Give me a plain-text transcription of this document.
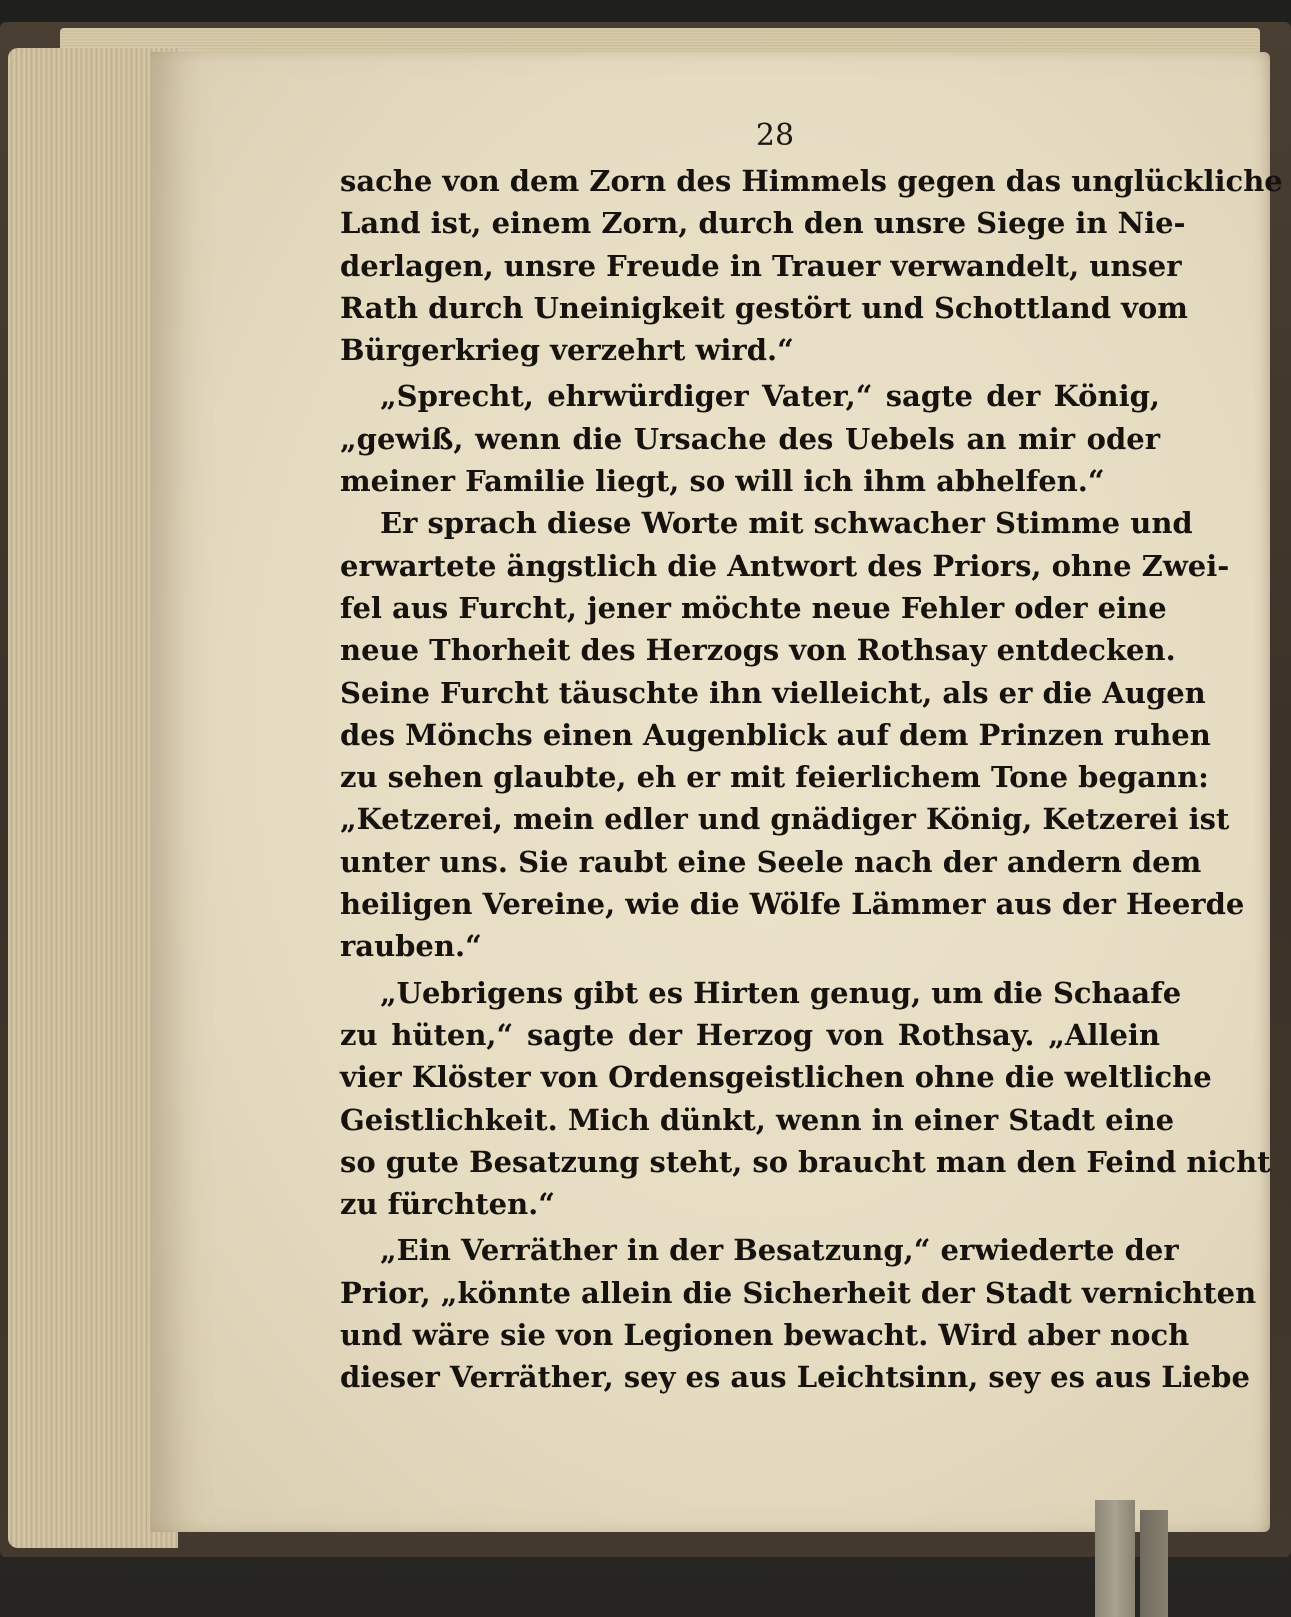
28
sache von dem Zorn des Himmels gegen das unglückliche
Land ist, einem Zorn, durch den unsre Siege in Nie-
derlagen, unsre Freude in Trauer verwandelt, unser
Rath durch Uneinigkeit gestört und Schottland vom
Bürgerkrieg verzehrt wird.“
„Sprecht, ehrwürdiger Vater,“ sagte der König,
„gewiß, wenn die Ursache des Uebels an mir oder
meiner Familie liegt, so will ich ihm abhelfen.“
Er sprach diese Worte mit schwacher Stimme und
erwartete ängstlich die Antwort des Priors, ohne Zwei-
fel aus Furcht, jener möchte neue Fehler oder eine
neue Thorheit des Herzogs von Rothsay entdecken.
Seine Furcht täuschte ihn vielleicht, als er die Augen
des Mönchs einen Augenblick auf dem Prinzen ruhen
zu sehen glaubte, eh er mit feierlichem Tone begann:
„Ketzerei, mein edler und gnädiger König, Ketzerei ist
unter uns. Sie raubt eine Seele nach der andern dem
heiligen Vereine, wie die Wölfe Lämmer aus der Heerde
rauben.“
„Uebrigens gibt es Hirten genug, um die Schaafe
zu hüten,“ sagte der Herzog von Rothsay. „Allein
vier Klöster von Ordensgeistlichen ohne die weltliche
Geistlichkeit. Mich dünkt, wenn in einer Stadt eine
so gute Besatzung steht, so braucht man den Feind nicht
zu fürchten.“
„Ein Verräther in der Besatzung,“ erwiederte der
Prior, „könnte allein die Sicherheit der Stadt vernichten
und wäre sie von Legionen bewacht. Wird aber noch
dieser Verräther, sey es aus Leichtsinn, sey es aus Liebe
